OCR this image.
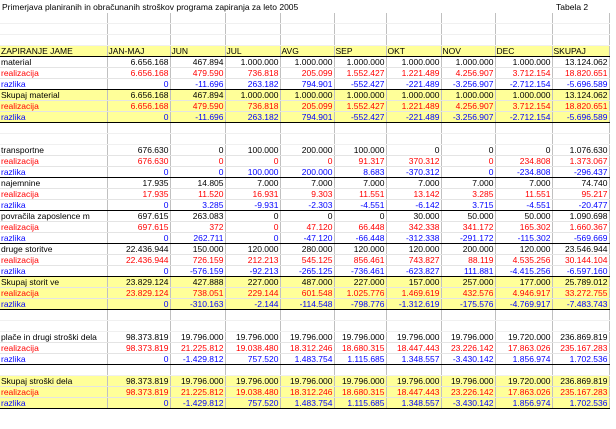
Primerjava planiranih in obračunanih stroškov programa zapiranja za leto 2005	Tabela 2

ZAPIRANJE JAME	JAN-MAJ	JUN	JUL	AVG	SEP	OKT	NOV	DEC	SKUPAJ
material	6.656.168	467.894	1.000.000	1.000.000	1.000.000	1.000.000	1.000.000	1.000.000	13.124.062
realizacija	6.656.168	479.590	736.818	205.099	1.552.427	1.221.489	4.256.907	3.712.154	18.820.651
razlika	0	-11.696	263.182	794.901	-552.427	-221.489	-3.256.907	-2.712.154	-5.696.589
Skupaj material	6.656.168	467.894	1.000.000	1.000.000	1.000.000	1.000.000	1.000.000	1.000.000	13.124.062
realizacija	6.656.168	479.590	736.818	205.099	1.552.427	1.221.489	4.256.907	3.712.154	18.820.651
razlika	0	-11.696	263.182	794.901	-552.427	-221.489	-3.256.907	-2.712.154	-5.696.589

transportne	676.630	0	100.000	200.000	100.000	0	0	0	1.076.630
realizacija	676.630	0	0	0	91.317	370.312	0	234.808	1.373.067
razlika	0	0	100.000	200.000	8.683	-370.312	0	-234.808	-296.437
najemnine	17.935	14.805	7.000	7.000	7.000	7.000	7.000	7.000	74.740
realizacija	17.935	11.520	16.931	9.303	11.551	13.142	3.285	11.551	95.217
razlika	0	3.285	-9.931	-2.303	-4.551	-6.142	3.715	-4.551	-20.477
povračila zaposlence m	697.615	263.083	0	0	0	30.000	50.000	50.000	1.090.698
realizacija	697.615	372	0	47.120	66.448	342.338	341.172	165.302	1.660.367
razlika	0	262.711	0	-47.120	-66.448	-312.338	-291.172	-115.302	-569.669
druge storitve	22.436.944	150.000	120.000	280.000	120.000	120.000	200.000	120.000	23.546.944
realizacija	22.436.944	726.159	212.213	545.125	856.461	743.827	88.119	4.535.256	30.144.104
razlika	0	-576.159	-92.213	-265.125	-736.461	-623.827	111.881	-4.415.256	-6.597.160
Skupaj storit ve	23.829.124	427.888	227.000	487.000	227.000	157.000	257.000	177.000	25.789.012
realizacija	23.829.124	738.051	229.144	601.548	1.025.776	1.469.619	432.576	4.946.917	33.272.755
razlika	0	-310.163	-2.144	-114.548	-798.776	-1.312.619	-175.576	-4.769.917	-7.483.743

plače in drugi stroški dela	98.373.819	19.796.000	19.796.000	19.796.000	19.796.000	19.796.000	19.796.000	19.720.000	236.869.819
realizacija	98.373.819	21.225.812	19.038.480	18.312.246	18.680.315	18.447.443	23.226.142	17.863.026	235.167.283
razlika	0	-1.429.812	757.520	1.483.754	1.115.685	1.348.557	-3.430.142	1.856.974	1.702.536

Skupaj stroški dela	98.373.819	19.796.000	19.796.000	19.796.000	19.796.000	19.796.000	19.796.000	19.720.000	236.869.819
realizacija	98.373.819	21.225.812	19.038.480	18.312.246	18.680.315	18.447.443	23.226.142	17.863.026	235.167.283
razlika	0	-1.429.812	757.520	1.483.754	1.115.685	1.348.557	-3.430.142	1.856.974	1.702.536
